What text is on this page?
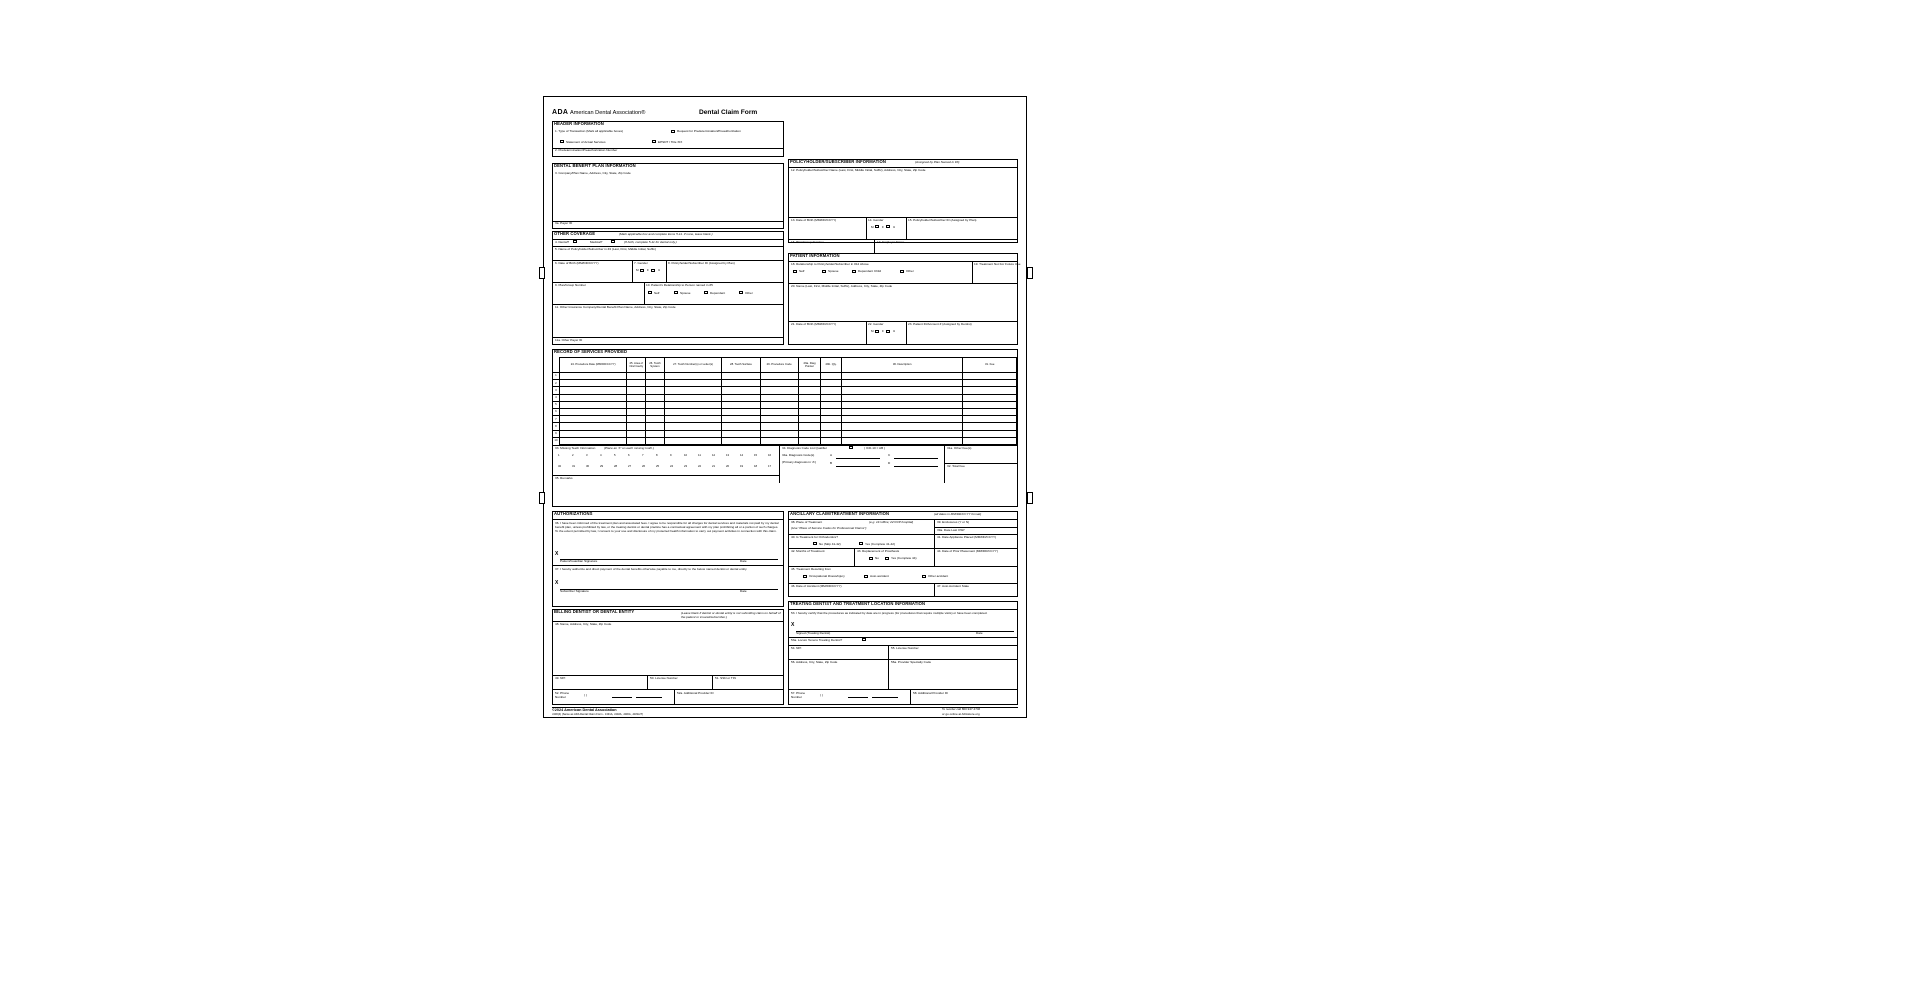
ADA American Dental Association®	Dental Claim Form
HEADER INFORMATION
1. Type of Transaction (Mark all applicable boxes)	Request for Predetermination/Preauthorization
Statement of Actual Services	EPSDT / Title XIX
2. Predetermination/Preauthorization Number
DENTAL BENEFIT PLAN INFORMATION
3. Company/Plan Name, Address, City, State, Zip Code
3a. Payer ID
OTHER COVERAGE	(Mark applicable box and complete items 5-11. If none, leave blank.)
4. Dental?	Medical?	(If both, complete 5-11 for dental only.)
5. Name of Policyholder/Subscriber in #4 (Last, First, Middle Initial, Suffix)
6. Date of Birth (MM/DD/CCYY)	7. Gender	8. Policyholder/Subscriber ID (Assigned by Plan)
M	F	U
9. Plan/Group Number	10. Patient's Relationship to Person named in #5
Self	Spouse	Dependent	Other
11. Other Insurance Company/Dental Benefit Plan Name, Address, City, State, Zip Code
11a. Other Payer ID
POLICYHOLDER/SUBSCRIBER INFORMATION	(Assigned by Plan Named in #3)
12. Policyholder/Subscriber Name (Last, First, Middle Initial, Suffix), Address, City, State, Zip Code
13. Date of Birth (MM/DD/CCYY)	14. Gender	15. Policyholder/Subscriber ID (Assigned by Plan)
M	F	U
16. Plan/Group Number	17. Employer Name
PATIENT INFORMATION
18. Relationship to Policyholder/Subscriber in #12 Above	19. Treatment Not For Future Use
Self	Spouse	Dependent Child	Other
20. Name (Last, First, Middle Initial, Suffix), Address, City, State, Zip Code
21. Date of Birth (MM/DD/CCYY)	22. Gender	23. Patient ID/Account # (Assigned by Dentist)
M	F	U
RECORD OF SERVICES PROVIDED
	24. Procedure Date (MM/DD/CCYY)	25. Area of Oral Cavity	26. Tooth System	27. Tooth Number(s) or Letter(s)	28. Tooth Surface	29. Procedure Code	29a. Diag Pointer	29b. Qty.	30. Description	31. Fee
1										
2										
3										
4										
5										
6										
7										
8										
9										
10										
33. Missing Teeth Information	(Place an 'X' on each missing tooth.)	34. Diagnosis Code List Qualifier	( ICD-10 = AB )	31a. Other Fee(s)
34a. Diagnosis Code(s)
(Primary diagnosis in 'A')
A	C
B	D
32. Total Fee
1	2	3	4	5	6	7	8	9	10	11	12	13	14	15	16
32	31	30	29	28	27	26	25	24	23	22	21	20	19	18	17
35. Remarks
AUTHORIZATIONS
36. I have been informed of the treatment plan and associated fees. I agree to be responsible for all charges for dental services and materials not paid by my dental benefit plan, unless prohibited by law, or the treating dentist or dental practice has a contractual agreement with my plan prohibiting all or a portion of such charges. To the extent permitted by law, I consent to your use and disclosure of my protected health information to carry out payment activities in connection with this claim.
X
Patient/Guardian Signature	Date
37. I hereby authorize and direct payment of the dental benefits otherwise payable to me, directly to the below named dentist or dental entity.
X
Subscriber Signature	Date
BILLING DENTIST OR DENTAL ENTITY	(Leave blank if dentist or dental entity is not submitting claim on behalf of the patient or insured/subscriber.)
48. Name, Address, City, State, Zip Code
49. NPI	50. License Number	51. SSN or TIN
52. Phone Number	( )
52a. Additional Provider ID
ANCILLARY CLAIM/TREATMENT INFORMATION	(all dates in MM/DD/CCYY format)
38. Place of Treatment	(e.g. 11=office; 22=O/P hospital)
(Use "Place of Service Codes for Professional Claims")
39. Enclosures (Y or N)
39a. Date Last OSP
40. Is Treatment for Orthodontics?	41. Date Appliance Placed (MM/DD/CCYY)
No (Skip 41-42)	Yes (Complete 41-42)
42. Months of Treatment	43. Replacement of Prosthesis	44. Date of Prior Placement (MM/DD/CCYY)
No	Yes (Complete 44)
45. Treatment Resulting from
Occupational illness/injury	Auto accident	Other accident
46. Date of Accident (MM/DD/CCYY)	47. Auto Accident State
TREATING DENTIST AND TREATMENT LOCATION INFORMATION
53. I hereby certify that the procedures as indicated by date are in progress (for procedures that require multiple visits) or have been completed.
X
Signed (Treating Dentist)	Date
53a. Locum Tenens Treating Dentist?
54. NPI	55. License Number
56. Address, City, State, Zip Code	56a. Provider Specialty Code
57. Phone Number	( )
58. Additional Provider ID
©2024 American Dental Association
J430(4) (Same as ADA Dental Claim Form - J431A, J432A, J430A, J433A/T)
To reorder call 800.947.4746
or go online at ADAstore.org
